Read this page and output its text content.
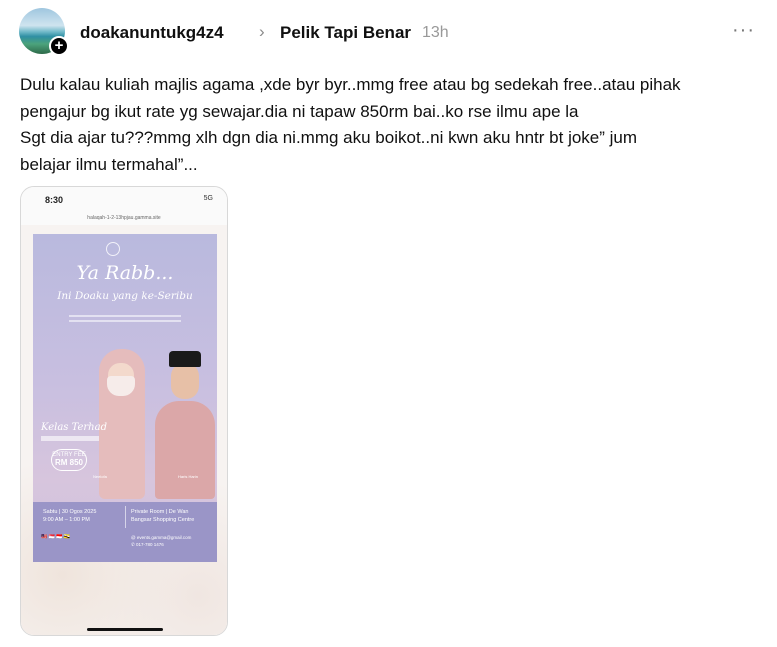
+
doakanuntukg4z4 › Pelik Tapi Benar 13h	···

Dulu kalau kuliah majlis agama ,xde byr byr..mmg free atau bg sedekah free..atau pihak

pengajur bg ikut rate yg sewajar.dia ni tapaw 850rm bai..ko rse ilmu ape la

Sgt dia ajar tu???mmg xlh dgn dia ni.mmg aku boikot..ni kwn aku hntr bt joke” jum

belajar ilmu termahal”...

8:30	5G
halaqah-1-2-13hpjau.gamma.site
Ya Rabb...
Ini Doaku yang ke-Seribu
Kelas Terhad
ENTRY FEE
RM 850
Neelofa	Haris Harin
Sabtu | 30 Ogos 2025
9:00 AM – 1:00 PM
Private Room | De Wan
Bangsar Shopping Centre
🇲🇾 🇸🇬 🇮🇩 🇧🇳	@ events.gamma@gmail.com
✆ 017-780 1476
